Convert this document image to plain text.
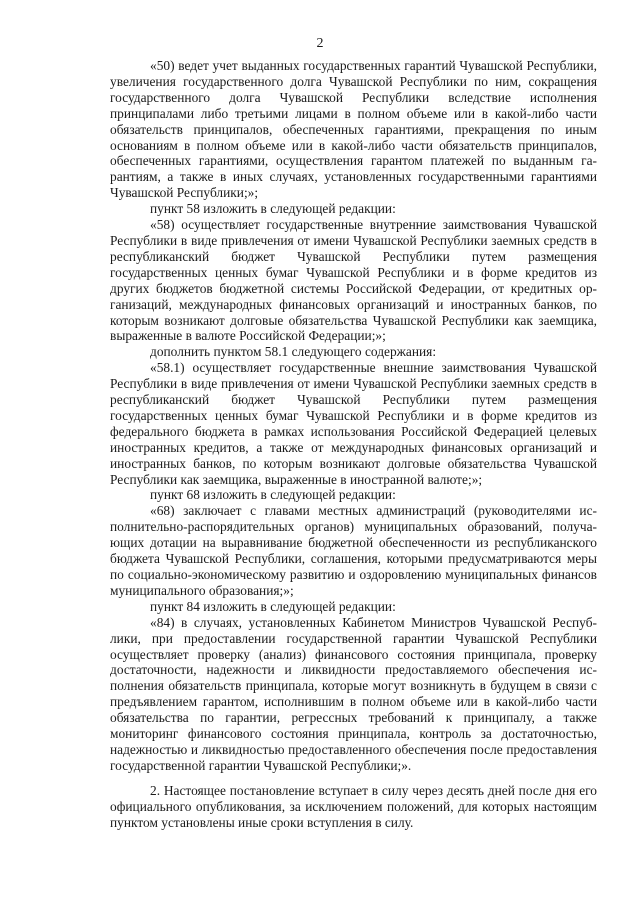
2

«50) ведет учет выданных государственных гарантий Чувашской Республики, увеличения государственного долга Чувашской Республики по ним, сокращения государственного долга Чувашской Республики вследствие исполнения принципалами либо третьими лицами в полном объеме или в какой-либо части обязательств принципалов, обеспеченных гарантиями, прекращения по иным основаниям в полном объеме или в какой-либо части обязательств принципалов, обеспеченных гарантиями, осуществления гарантом платежей по выданным гарантиям, а также в иных случаях, установленных государственными гарантиями Чувашской Республики;»;

пункт 58 изложить в следующей редакции:

«58) осуществляет государственные внутренние заимствования Чувашской Республики в виде привлечения от имени Чувашской Республики заемных средств в республиканский бюджет Чувашской Республики путем размещения государственных ценных бумаг Чувашской Республики и в форме кредитов из других бюджетов бюджетной системы Российской Федерации, от кредитных организаций, международных финансовых организаций и иностранных банков, по которым возникают долговые обязательства Чувашской Республики как заемщика, выраженные в валюте Российской Федерации;»;

дополнить пунктом 58.1 следующего содержания:

«58.1) осуществляет государственные внешние заимствования Чувашской Республики в виде привлечения от имени Чувашской Республики заемных средств в республиканский бюджет Чувашской Республики путем размещения государственных ценных бумаг Чувашской Республики и в форме кредитов из федерального бюджета в рамках использования Российской Федерацией целевых иностранных кредитов, а также от международных финансовых организаций и иностранных банков, по которым возникают долговые обязательства Чувашской Республики как заемщика, выраженные в иностранной валюте;»;

пункт 68 изложить в следующей редакции:

«68) заключает с главами местных администраций (руководителями исполнительно-распорядительных органов) муниципальных образований, получающих дотации на выравнивание бюджетной обеспеченности из республиканского бюджета Чувашской Республики, соглашения, которыми предусматриваются меры по социально-экономическому развитию и оздоровлению муниципальных финансов муниципального образования;»;

пункт 84 изложить в следующей редакции:

«84) в случаях, установленных Кабинетом Министров Чувашской Республики, при предоставлении государственной гарантии Чувашской Республики осуществляет проверку (анализ) финансового состояния принципала, проверку достаточности, надежности и ликвидности предоставляемого обеспечения исполнения обязательств принципала, которые могут возникнуть в будущем в связи с предъявлением гарантом, исполнившим в полном объеме или в какой-либо части обязательства по гарантии, регрессных требований к принципалу, а также мониторинг финансового состояния принципала, контроль за достаточностью, надежностью и ликвидностью предоставленного обеспечения после предоставления государственной гарантии Чувашской Республики;».

2. Настоящее постановление вступает в силу через десять дней после дня его официального опубликования, за исключением положений, для которых настоящим пунктом установлены иные сроки вступления в силу.
